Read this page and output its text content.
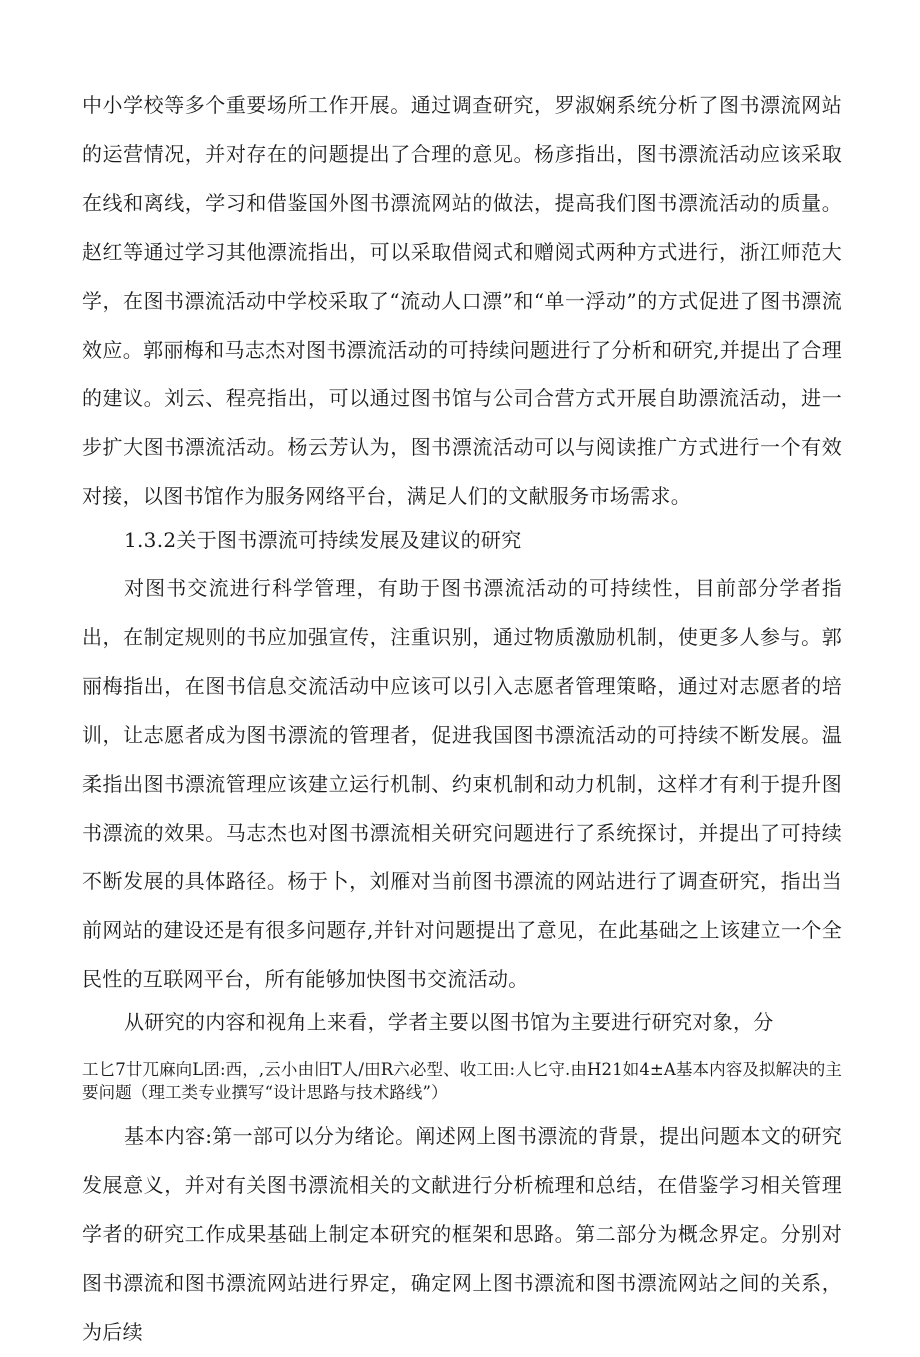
中小学校等多个重要场所工作开展。通过调查研究，罗淑娴系统分析了图书漂流网站的运营情况，并对存在的问题提出了合理的意见。杨彦指出，图书漂流活动应该采取在线和离线，学习和借鉴国外图书漂流网站的做法，提高我们图书漂流活动的质量。赵红等通过学习其他漂流指出，可以采取借阅式和赠阅式两种方式进行，浙江师范大学，在图书漂流活动中学校采取了“流动人口漂”和“单一浮动”的方式促进了图书漂流效应。郭丽梅和马志杰对图书漂流活动的可持续问题进行了分析和研究,并提出了合理的建议。刘云、程亮指出，可以通过图书馆与公司合营方式开展自助漂流活动，进一步扩大图书漂流活动。杨云芳认为，图书漂流活动可以与阅读推广方式进行一个有效对接，以图书馆作为服务网络平台，满足人们的文献服务市场需求。

1.3.2关于图书漂流可持续发展及建议的研究

对图书交流进行科学管理，有助于图书漂流活动的可持续性，目前部分学者指出，在制定规则的书应加强宣传，注重识别，通过物质激励机制，使更多人参与。郭丽梅指出，在图书信息交流活动中应该可以引入志愿者管理策略，通过对志愿者的培训，让志愿者成为图书漂流的管理者，促进我国图书漂流活动的可持续不断发展。温柔指出图书漂流管理应该建立运行机制、约束机制和动力机制，这样才有利于提升图书漂流的效果。马志杰也对图书漂流相关研究问题进行了系统探讨，并提出了可持续不断发展的具体路径。杨于卜，刘雁对当前图书漂流的网站进行了调查研究，指出当前网站的建设还是有很多问题存,并针对问题提出了意见，在此基础之上该建立一个全民性的互联网平台，所有能够加快图书交流活动。

从研究的内容和视角上来看，学者主要以图书馆为主要进行研究对象，分

工匕7廿兀麻向L囝:西，,云小由旧T人/田R六必型、收工田:人匕守.由H21如4±A基本内容及拟解决的主要问题（理工类专业撰写“设计思路与技术路线”）

基本内容:第一部可以分为绪论。阐述网上图书漂流的背景，提出问题本文的研究发展意义，并对有关图书漂流相关的文献进行分析梳理和总结，在借鉴学习相关管理学者的研究工作成果基础上制定本研究的框架和思路。第二部分为概念界定。分别对图书漂流和图书漂流网站进行界定，确定网上图书漂流和图书漂流网站之间的关系，为后续
